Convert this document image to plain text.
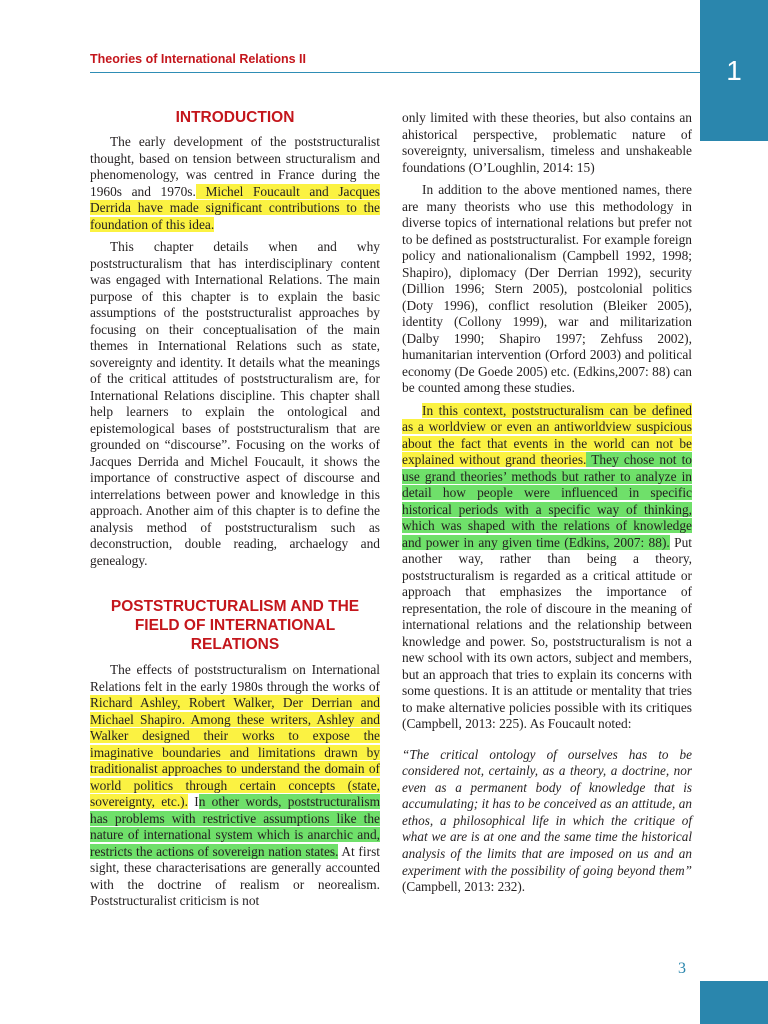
Theories of International Relations II	1
INTRODUCTION

The early development of the poststructuralist thought, based on tension between structuralism and phenomenology, was centred in France during the 1960s and 1970s. Michel Foucault and Jacques Derrida have made significant contributions to the foundation of this idea.

This chapter details when and why poststructuralism that has interdisciplinary content was engaged with International Relations. The main purpose of this chapter is to explain the basic assumptions of the poststructuralist approaches by focusing on their conceptualisation of the main themes in International Relations such as state, sovereignty and identity. It details what the meanings of the critical attitudes of poststructuralism are, for International Relations discipline. This chapter shall help learners to explain the ontological and epistemological bases of poststructuralism that are grounded on “discourse”. Focusing on the works of Jacques Derrida and Michel Foucault, it shows the importance of constructive aspect of discourse and interrelations between power and knowledge in this approach. Another aim of this chapter is to define the analysis method of poststructuralism such as deconstruction, double reading, archaelogy and genealogy.

POSTSTRUCTURALISM AND THE FIELD OF INTERNATIONAL RELATIONS

The effects of poststructuralism on International Relations felt in the early 1980s through the works of Richard Ashley, Robert Walker, Der Derrian and Michael Shapiro. Among these writers, Ashley and Walker designed their works to expose the imaginative boundaries and limitations drawn by traditionalist approaches to understand the domain of world politics through certain concepts (state, sovereignty, etc.). In other words, poststructuralism has problems with restrictive assumptions like the nature of international system which is anarchic and, restricts the actions of sovereign nation states. At first sight, these characterisations are generally accounted with the doctrine of realism or neorealism. Poststructuralist criticism is not

only limited with these theories, but also contains an ahistorical perspective, problematic nature of sovereignty, universalism, timeless and unshakeable foundations (O’Loughlin, 2014: 15)

In addition to the above mentioned names, there are many theorists who use this methodology in diverse topics of international relations but prefer not to be defined as poststructuralist. For example foreign policy and nationalionalism (Campbell 1992, 1998; Shapiro), diplomacy (Der Derrian 1992), security (Dillion 1996; Stern 2005), postcolonial politics (Doty 1996), conflict resolution (Bleiker 2005), identity (Collony 1999), war and militarization (Dalby 1990; Shapiro 1997; Zehfuss 2002), humanitarian intervention (Orford 2003) and political economy (De Goede 2005) etc. (Edkins,2007: 88) can be counted among these studies.

In this context, poststructuralism can be defined as a worldview or even an antiworldview suspicious about the fact that events in the world can not be explained without grand theories. They chose not to use grand theories’ methods but rather to analyze in detail how people were influenced in specific historical periods with a specific way of thinking, which was shaped with the relations of knowledge and power in any given time (Edkins, 2007: 88). Put another way, rather than being a theory, poststructuralism is regarded as a critical attitude or approach that emphasizes the importance of representation, the role of discoure in the meaning of international relations and the relationship between knowledge and power. So, poststructuralism is not a new school with its own actors, subject and members, but an approach that tries to explain its concerns with some questions. It is an attitude or mentality that tries to make alternative policies possible with its critiques (Campbell, 2013: 225). As Foucault noted:

“The critical ontology of ourselves has to be considered not, certainly, as a theory, a doctrine, nor even as a permanent body of knowledge that is accumulating; it has to be conceived as an attitude, an ethos, a philosophical life in which the critique of what we are is at one and the same time the historical analysis of the limits that are imposed on us and an experiment with the possibility of going beyond them” (Campbell, 2013: 232).
3
